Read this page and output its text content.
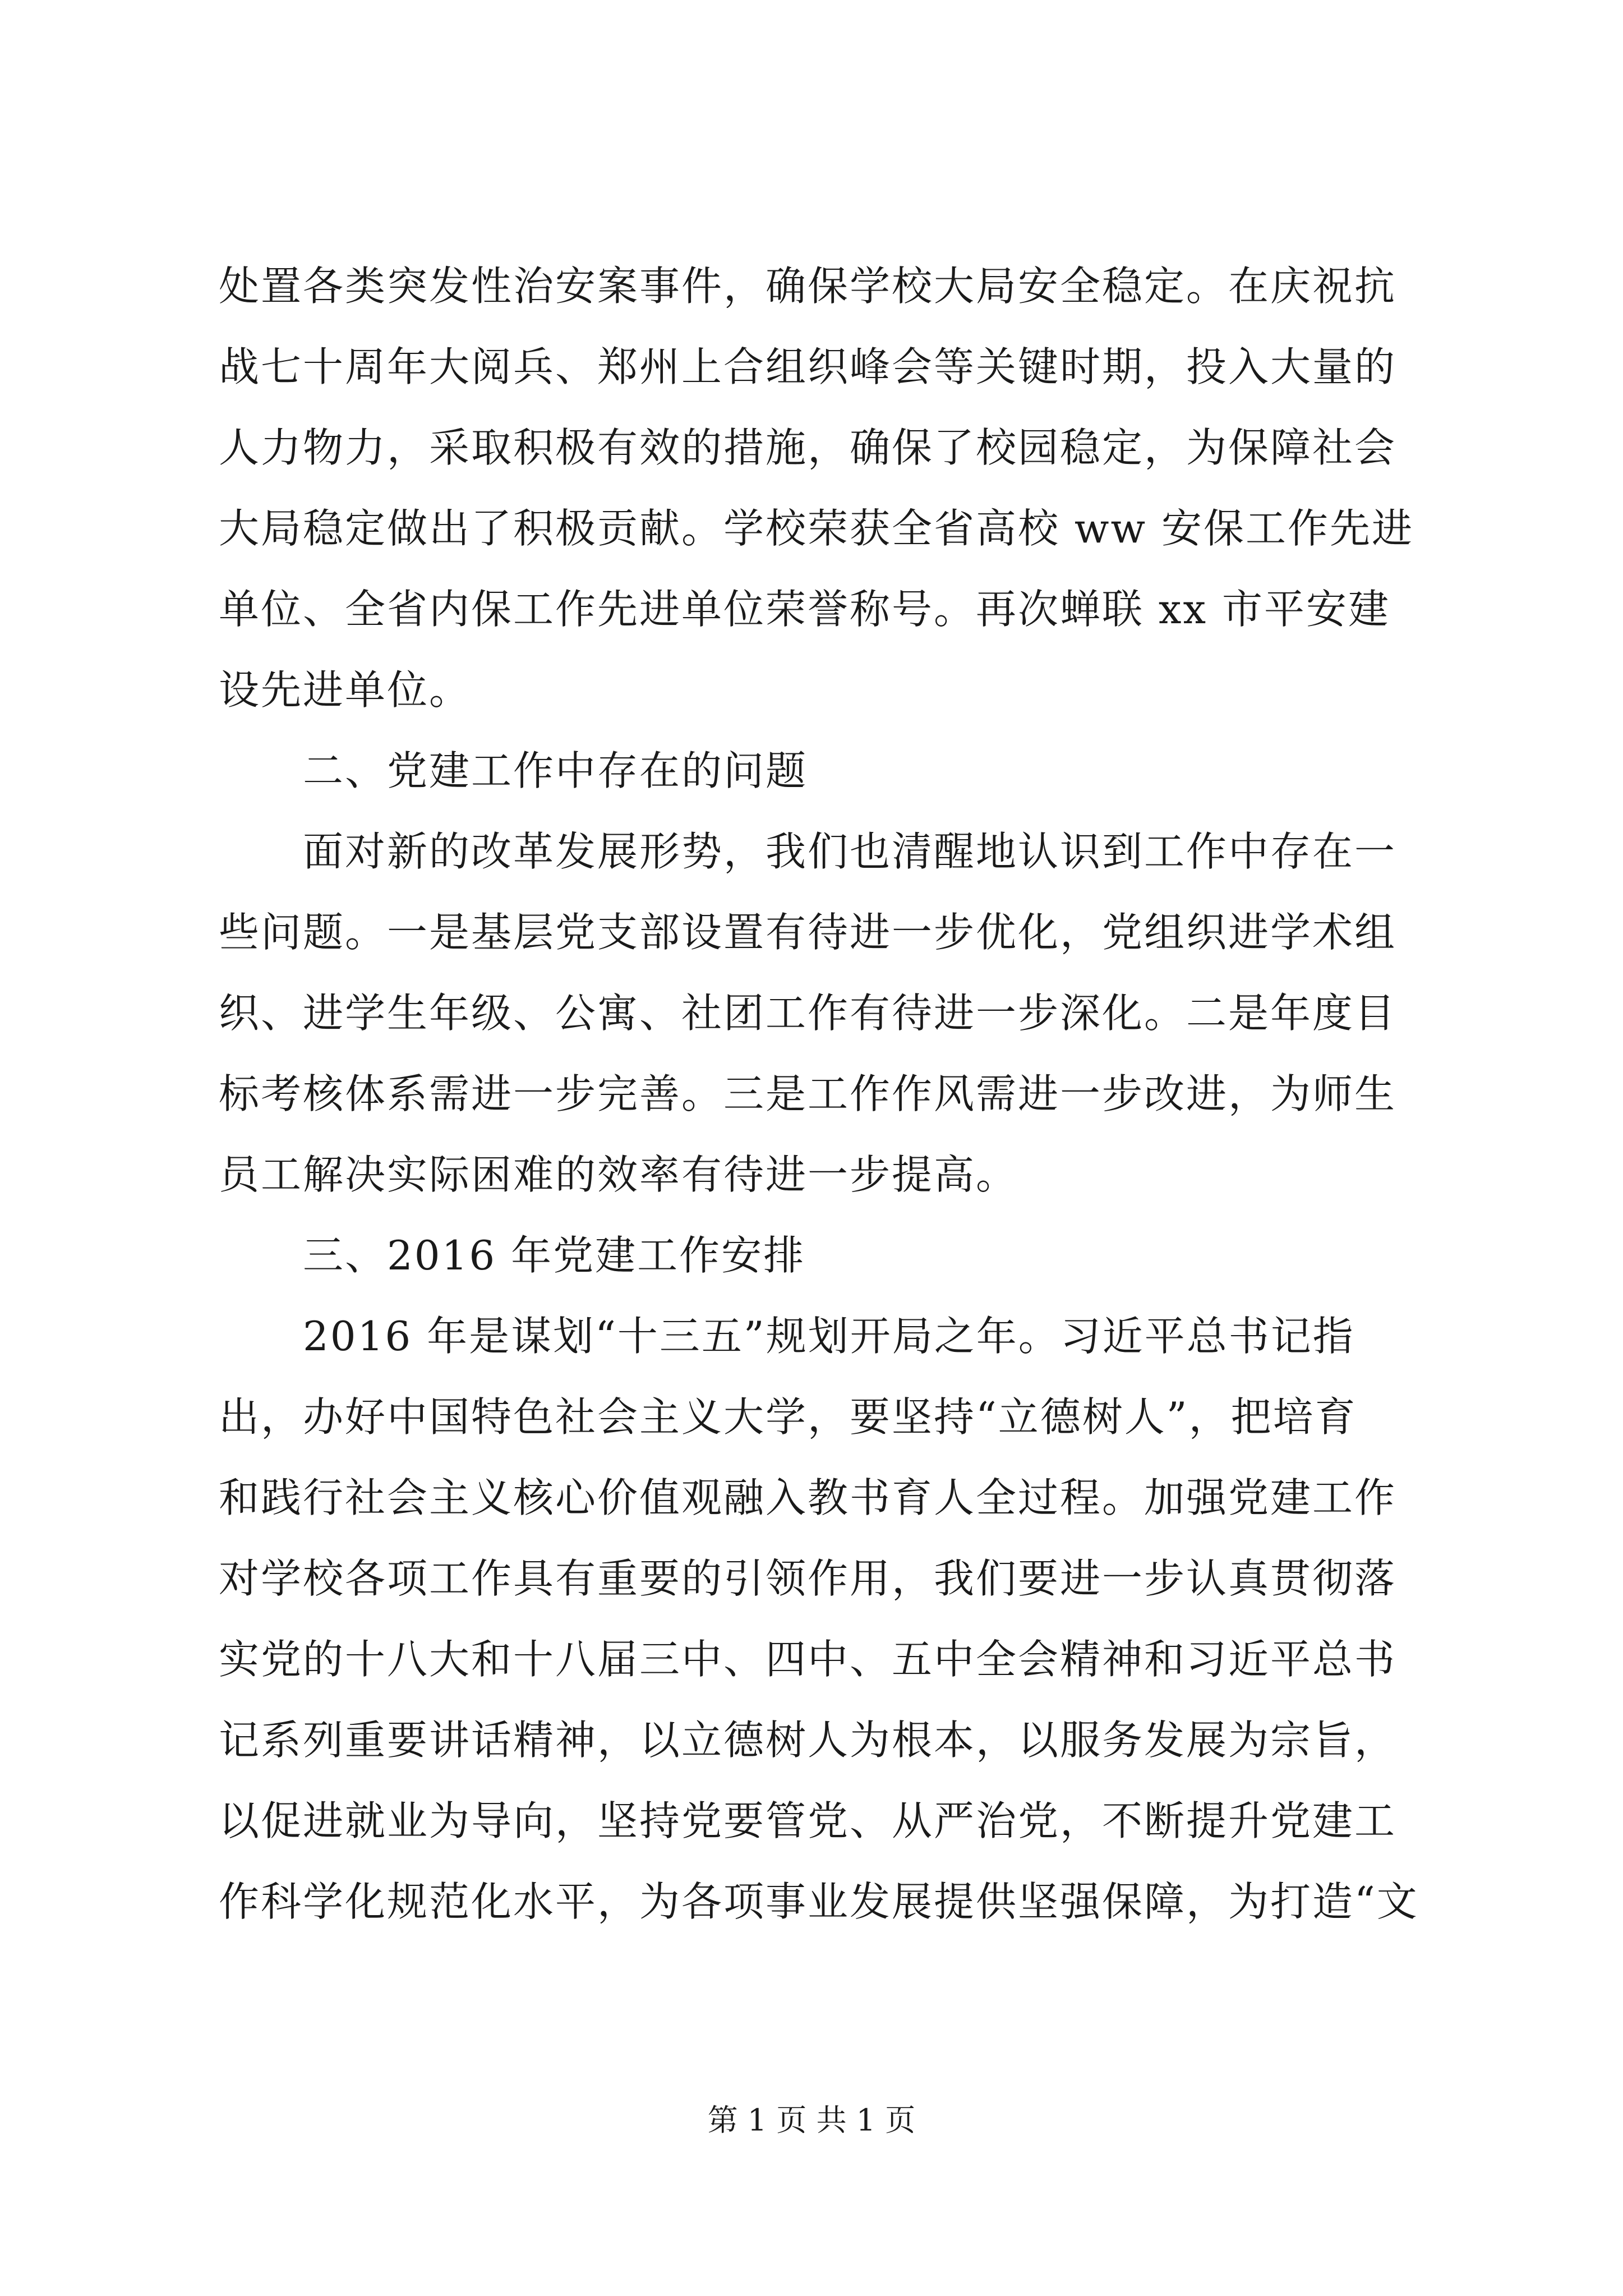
处置各类突发性治安案事件，确保学校大局安全稳定。在庆祝抗
战七十周年大阅兵、郑州上合组织峰会等关键时期，投入大量的
人力物力，采取积极有效的措施，确保了校园稳定，为保障社会
大局稳定做出了积极贡献。学校荣获全省高校 ww 安保工作先进
单位、全省内保工作先进单位荣誉称号。再次蝉联 xx 市平安建
设先进单位。
二、党建工作中存在的问题
面对新的改革发展形势，我们也清醒地认识到工作中存在一
些问题。一是基层党支部设置有待进一步优化，党组织进学术组
织、进学生年级、公寓、社团工作有待进一步深化。二是年度目
标考核体系需进一步完善。三是工作作风需进一步改进，为师生
员工解决实际困难的效率有待进一步提高。
三、2016 年党建工作安排
2016 年是谋划“十三五”规划开局之年。习近平总书记指
出，办好中国特色社会主义大学，要坚持“立德树人”，把培育
和践行社会主义核心价值观融入教书育人全过程。加强党建工作
对学校各项工作具有重要的引领作用，我们要进一步认真贯彻落
实党的十八大和十八届三中、四中、五中全会精神和习近平总书
记系列重要讲话精神，以立德树人为根本，以服务发展为宗旨，
以促进就业为导向，坚持党要管党、从严治党，不断提升党建工
作科学化规范化水平，为各项事业发展提供坚强保障，为打造“文
第 1 页 共 1 页
